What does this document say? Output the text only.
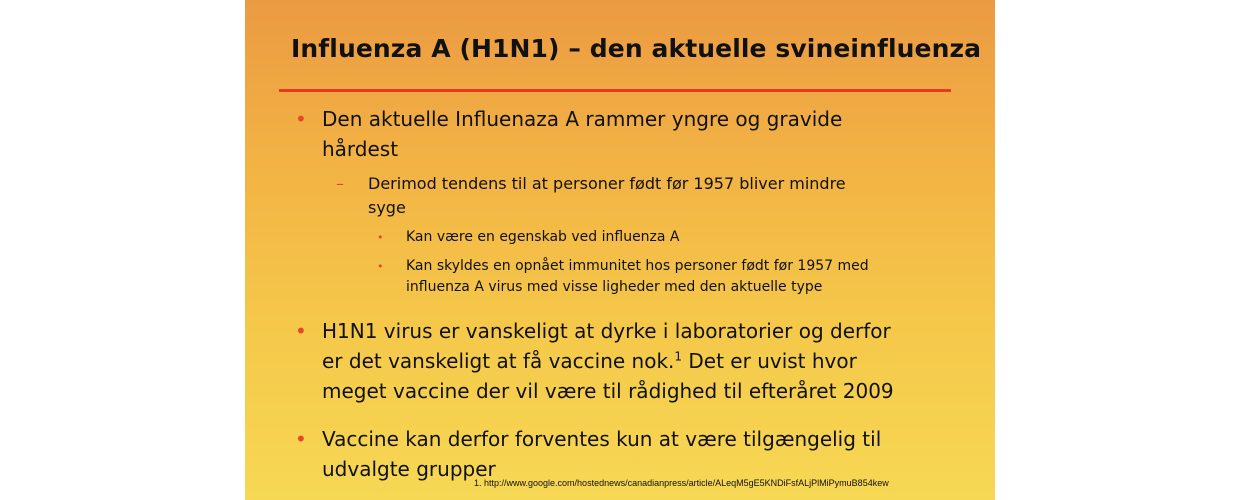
Influenza A (H1N1) – den aktuelle svineinfluenza
• Den aktuelle Influenaza A rammer yngre og gravide
hårdest
– Derimod tendens til at personer født før 1957 bliver mindre
syge
• Kan være en egenskab ved influenza A
• Kan skyldes en opnået immunitet hos personer født før 1957 med
influenza A virus med visse ligheder med den aktuelle type
• H1N1 virus er vanskeligt at dyrke i laboratorier og derfor
er det vanskeligt at få vaccine nok.$^1$ Det er uvist hvor
meget vaccine der vil være til rådighed til efteråret 2009
• Vaccine kan derfor forventes kun at være tilgængelig til
udvalgte grupper
1. http://www.google.com/hostednews/canadianpress/article/ALeqM5gE5KNDiFsfALjPlMiPymuB854kew
